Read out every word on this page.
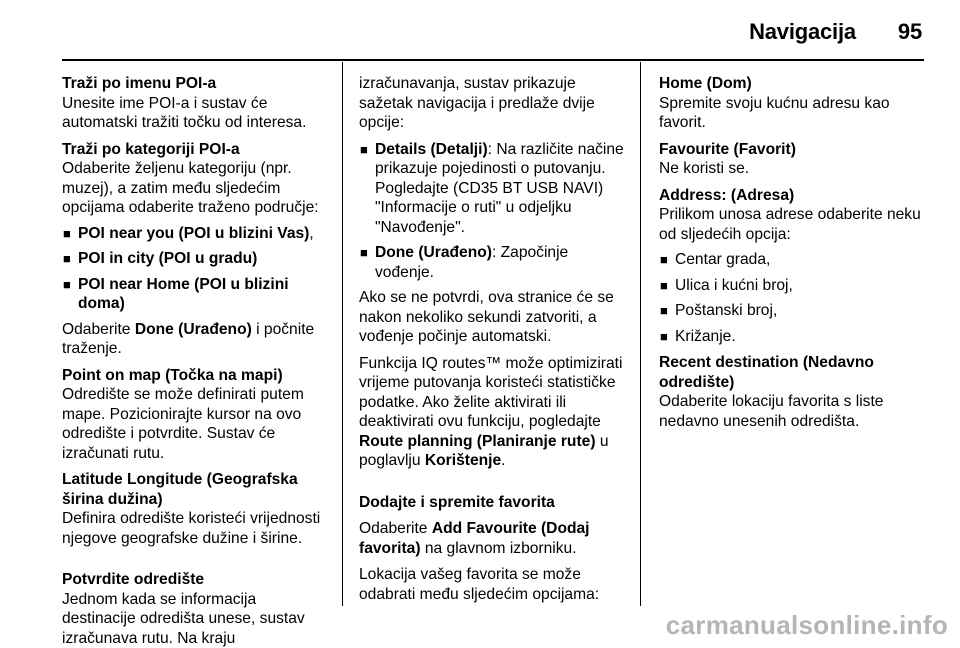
Navigacija 95
Traži po imenu POI-a
Unesite ime POI-a i sustav će automatski tražiti točku od interesa.
Traži po kategoriji POI-a
Odaberite željenu kategoriju (npr. muzej), a zatim među sljedećim opcijama odaberite traženo područje:
■ POI near you (POI u blizini Vas),
■ POI in city (POI u gradu)
■ POI near Home (POI u blizini doma)
Odaberite Done (Urađeno) i počnite traženje.
Point on map (Točka na mapi)
Odredište se može definirati putem mape. Pozicionirajte kursor na ovo odredište i potvrdite. Sustav će izračunati rutu.
Latitude Longitude (Geografska širina dužina)
Definira odredište koristeći vrijednosti njegove geografske dužine i širine.
Potvrdite odredište
Jednom kada se informacija destinacije odredišta unese, sustav izračunava rutu. Na kraju
izračunavanja, sustav prikazuje sažetak navigacija i predlaže dvije opcije:
■ Details (Detalji): Na različite načine prikazuje pojedinosti o putovanju. Pogledajte (CD35 BT USB NAVI) "Informacije o ruti" u odjeljku "Navođenje".
■ Done (Urađeno): Započinje vođenje.
Ako se ne potvrdi, ova stranice će se nakon nekoliko sekundi zatvoriti, a vođenje počinje automatski.
Funkcija IQ routes™ može optimizirati vrijeme putovanja koristeći statističke podatke. Ako želite aktivirati ili deaktivirati ovu funkciju, pogledajte Route planning (Planiranje rute) u poglavlju Korištenje.
Dodajte i spremite favorita
Odaberite Add Favourite (Dodaj favorita) na glavnom izborniku.
Lokacija vašeg favorita se može odabrati među sljedećim opcijama:
Home (Dom)
Spremite svoju kućnu adresu kao favorit.
Favourite (Favorit)
Ne koristi se.
Address: (Adresa)
Prilikom unosa adrese odaberite neku od sljedećih opcija:
■ Centar grada,
■ Ulica i kućni broj,
■ Poštanski broj,
■ Križanje.
Recent destination (Nedavno odredište)
Odaberite lokaciju favorita s liste nedavno unesenih odredišta.
carmanualsonline.info
